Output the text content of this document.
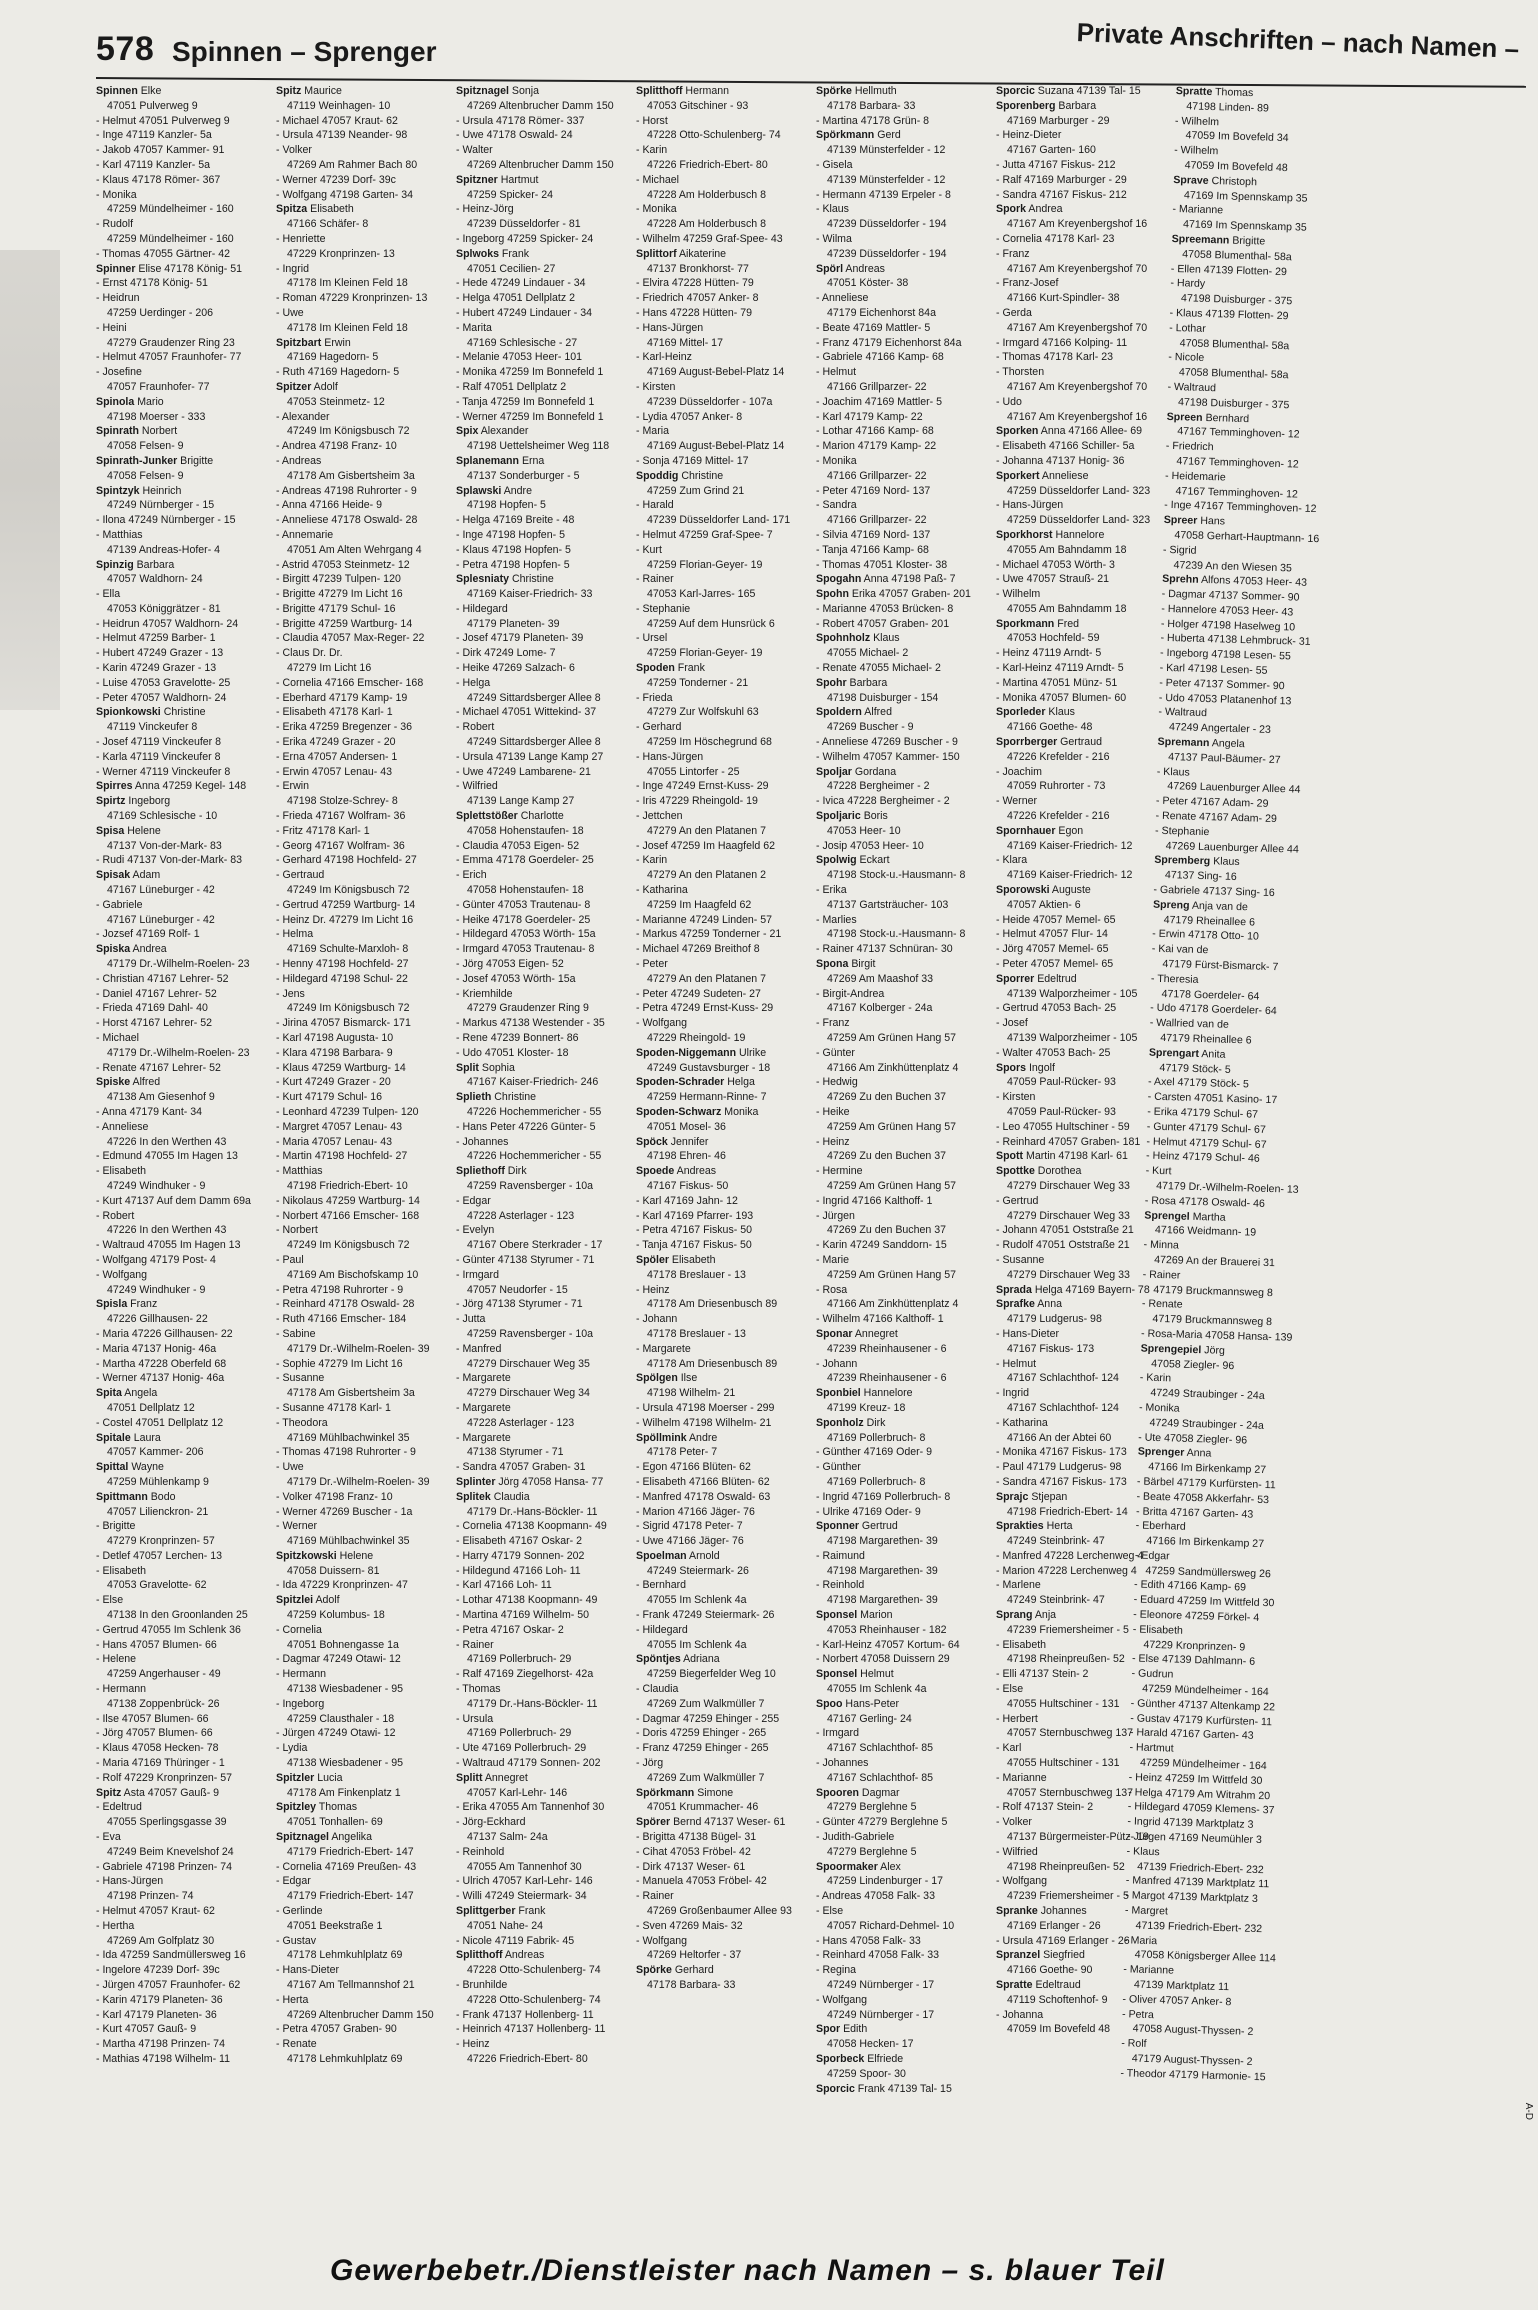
578 Spinnen – Sprenger	Private Anschriften – nach Namen –
Spinnen Elke
47051 Pulverweg 9
- Helmut 47051 Pulverweg 9
- Inge 47119 Kanzler- 5a
- Jakob 47057 Kammer- 91
- Karl 47119 Kanzler- 5a
- Klaus 47178 Römer- 367
- Monika
47259 Mündelheimer - 160
- Rudolf
47259 Mündelheimer - 160
- Thomas 47055 Gärtner- 42
Spinner Elise 47178 König- 51
- Ernst 47178 König- 51
- Heidrun
47259 Uerdinger - 206
- Heini
47279 Graudenzer Ring 23
- Helmut 47057 Fraunhofer- 77
- Josefine
47057 Fraunhofer- 77
Spinola Mario
47198 Moerser - 333
Spinrath Norbert
47058 Felsen- 9
Spinrath-Junker Brigitte
47058 Felsen- 9
Spintzyk Heinrich
47249 Nürnberger - 15
- Ilona 47249 Nürnberger - 15
- Matthias
47139 Andreas-Hofer- 4
Spinzig Barbara
47057 Waldhorn- 24
- Ella
47053 Königgrätzer - 81
- Heidrun 47057 Waldhorn- 24
- Helmut 47259 Barber- 1
- Hubert 47249 Grazer - 13
- Karin 47249 Grazer - 13
- Luise 47053 Gravelotte- 25
- Peter 47057 Waldhorn- 24
Spionkowski Christine
47119 Vinckeufer 8
- Josef 47119 Vinckeufer 8
- Karla 47119 Vinckeufer 8
- Werner 47119 Vinckeufer 8
Spirres Anna 47259 Kegel- 148
Spirtz Ingeborg
47169 Schlesische - 10
Spisa Helene
47137 Von-der-Mark- 83
- Rudi 47137 Von-der-Mark- 83
Spisak Adam
47167 Lüneburger - 42
- Gabriele
47167 Lüneburger - 42
- Jozsef 47169 Rolf- 1
Spiska Andrea
47179 Dr.-Wilhelm-Roelen- 23
- Christian 47167 Lehrer- 52
- Daniel 47167 Lehrer- 52
- Frieda 47169 Dahl- 40
- Horst 47167 Lehrer- 52
- Michael
47179 Dr.-Wilhelm-Roelen- 23
- Renate 47167 Lehrer- 52
Spiske Alfred
47138 Am Giesenhof 9
- Anna 47179 Kant- 34
- Anneliese
47226 In den Werthen 43
- Edmund 47055 Im Hagen 13
- Elisabeth
47249 Windhuker - 9
- Kurt 47137 Auf dem Damm 69a
- Robert
47226 In den Werthen 43
- Waltraud 47055 Im Hagen 13
- Wolfgang 47179 Post- 4
- Wolfgang
47249 Windhuker - 9
Spisla Franz
47226 Gillhausen- 22
- Maria 47226 Gillhausen- 22
- Maria 47137 Honig- 46a
- Martha 47228 Oberfeld 68
- Werner 47137 Honig- 46a
Spita Angela
47051 Dellplatz 12
- Costel 47051 Dellplatz 12
Spitale Laura
47057 Kammer- 206
Spittal Wayne
47259 Mühlenkamp 9
Spittmann Bodo
47057 Lilienckron- 21
- Brigitte
47279 Kronprinzen- 57
- Detlef 47057 Lerchen- 13
- Elisabeth
47053 Gravelotte- 62
- Else
47138 In den Groonlanden 25
- Gertrud 47055 Im Schlenk 36
- Hans 47057 Blumen- 66
- Helene
47259 Angerhauser - 49
- Hermann
47138 Zoppenbrück- 26
- Ilse 47057 Blumen- 66
- Jörg 47057 Blumen- 66
- Klaus 47058 Hecken- 78
- Maria 47169 Thüringer - 1
- Rolf 47229 Kronprinzen- 57
Spitz Asta 47057 Gauß- 9
- Edeltrud
47055 Sperlingsgasse 39
- Eva
47249 Beim Knevelshof 24
- Gabriele 47198 Prinzen- 74
- Hans-Jürgen
47198 Prinzen- 74
- Helmut 47057 Kraut- 62
- Hertha
47269 Am Golfplatz 30
- Ida 47259 Sandmüllersweg 16
- Ingelore 47239 Dorf- 39c
- Jürgen 47057 Fraunhofer- 62
- Karin 47179 Planeten- 36
- Karl 47179 Planeten- 36
- Kurt 47057 Gauß- 9
- Martha 47198 Prinzen- 74
- Mathias 47198 Wilhelm- 11
Spitz Maurice
47119 Weinhagen- 10
- Michael 47057 Kraut- 62
- Ursula 47139 Neander- 98
- Volker
47269 Am Rahmer Bach 80
- Werner 47239 Dorf- 39c
- Wolfgang 47198 Garten- 34
Spitza Elisabeth
47166 Schäfer- 8
- Henriette
47229 Kronprinzen- 13
- Ingrid
47178 Im Kleinen Feld 18
- Roman 47229 Kronprinzen- 13
- Uwe
47178 Im Kleinen Feld 18
Spitzbart Erwin
47169 Hagedorn- 5
- Ruth 47169 Hagedorn- 5
Spitzer Adolf
47053 Steinmetz- 12
- Alexander
47249 Im Königsbusch 72
- Andrea 47198 Franz- 10
- Andreas
47178 Am Gisbertsheim 3a
- Andreas 47198 Ruhrorter - 9
- Anna 47166 Heide- 9
- Anneliese 47178 Oswald- 28
- Annemarie
47051 Am Alten Wehrgang 4
- Astrid 47053 Steinmetz- 12
- Birgitt 47239 Tulpen- 120
- Brigitte 47279 Im Licht 16
- Brigitte 47179 Schul- 16
- Brigitte 47259 Wartburg- 14
- Claudia 47057 Max-Reger- 22
- Claus Dr. Dr.
47279 Im Licht 16
- Cornelia 47166 Emscher- 168
- Eberhard 47179 Kamp- 19
- Elisabeth 47178 Karl- 1
- Erika 47259 Bregenzer - 36
- Erika 47249 Grazer - 20
- Erna 47057 Andersen- 1
- Erwin 47057 Lenau- 43
- Erwin
47198 Stolze-Schrey- 8
- Frieda 47167 Wolfram- 36
- Fritz 47178 Karl- 1
- Georg 47167 Wolfram- 36
- Gerhard 47198 Hochfeld- 27
- Gertraud
47249 Im Königsbusch 72
- Gertrud 47259 Wartburg- 14
- Heinz Dr. 47279 Im Licht 16
- Helma
47169 Schulte-Marxloh- 8
- Henny 47198 Hochfeld- 27
- Hildegard 47198 Schul- 22
- Jens
47249 Im Königsbusch 72
- Jirina 47057 Bismarck- 171
- Karl 47198 Augusta- 10
- Klara 47198 Barbara- 9
- Klaus 47259 Wartburg- 14
- Kurt 47249 Grazer - 20
- Kurt 47179 Schul- 16
- Leonhard 47239 Tulpen- 120
- Margret 47057 Lenau- 43
- Maria 47057 Lenau- 43
- Martin 47198 Hochfeld- 27
- Matthias
47198 Friedrich-Ebert- 10
- Nikolaus 47259 Wartburg- 14
- Norbert 47166 Emscher- 168
- Norbert
47249 Im Königsbusch 72
- Paul
47169 Am Bischofskamp 10
- Petra 47198 Ruhrorter - 9
- Reinhard 47178 Oswald- 28
- Ruth 47166 Emscher- 184
- Sabine
47179 Dr.-Wilhelm-Roelen- 39
- Sophie 47279 Im Licht 16
- Susanne
47178 Am Gisbertsheim 3a
- Susanne 47178 Karl- 1
- Theodora
47169 Mühlbachwinkel 35
- Thomas 47198 Ruhrorter - 9
- Uwe
47179 Dr.-Wilhelm-Roelen- 39
- Volker 47198 Franz- 10
- Werner 47269 Buscher - 1a
- Werner
47169 Mühlbachwinkel 35
Spitzkowski Helene
47058 Duissern- 81
- Ida 47229 Kronprinzen- 47
Spitzlei Adolf
47259 Kolumbus- 18
- Cornelia
47051 Bohnengasse 1a
- Dagmar 47249 Otawi- 12
- Hermann
47138 Wiesbadener - 95
- Ingeborg
47259 Clausthaler - 18
- Jürgen 47249 Otawi- 12
- Lydia
47138 Wiesbadener - 95
Spitzler Lucia
47178 Am Finkenplatz 1
Spitzley Thomas
47051 Tonhallen- 69
Spitznagel Angelika
47179 Friedrich-Ebert- 147
- Cornelia 47169 Preußen- 43
- Edgar
47179 Friedrich-Ebert- 147
- Gerlinde
47051 Beekstraße 1
- Gustav
47178 Lehmkuhlplatz 69
- Hans-Dieter
47167 Am Tellmannshof 21
- Herta
47269 Altenbrucher Damm 150
- Petra 47057 Graben- 90
- Renate
47178 Lehmkuhlplatz 69
Spitznagel Sonja
47269 Altenbrucher Damm 150
- Ursula 47178 Römer- 337
- Uwe 47178 Oswald- 24
- Walter
47269 Altenbrucher Damm 150
Spitzner Hartmut
47259 Spicker- 24
- Heinz-Jörg
47239 Düsseldorfer - 81
- Ingeborg 47259 Spicker- 24
Splwoks Frank
47051 Cecilien- 27
- Hede 47249 Lindauer - 34
- Helga 47051 Dellplatz 2
- Hubert 47249 Lindauer - 34
- Marita
47169 Schlesische - 27
- Melanie 47053 Heer- 101
- Monika 47259 Im Bonnefeld 1
- Ralf 47051 Dellplatz 2
- Tanja 47259 Im Bonnefeld 1
- Werner 47259 Im Bonnefeld 1
Spix Alexander
47198 Uettelsheimer Weg 118
Splanemann Erna
47137 Sonderburger - 5
Splawski Andre
47198 Hopfen- 5
- Helga 47169 Breite - 48
- Inge 47198 Hopfen- 5
- Klaus 47198 Hopfen- 5
- Petra 47198 Hopfen- 5
Splesniaty Christine
47169 Kaiser-Friedrich- 33
- Hildegard
47179 Planeten- 39
- Josef 47179 Planeten- 39
- Dirk 47249 Lome- 7
- Heike 47269 Salzach- 6
- Helga
47249 Sittardsberger Allee 8
- Michael 47051 Wittekind- 37
- Robert
47249 Sittardsberger Allee 8
- Ursula 47139 Lange Kamp 27
- Uwe 47249 Lambarene- 21
- Wilfried
47139 Lange Kamp 27
Splettstößer Charlotte
47058 Hohenstaufen- 18
- Claudia 47053 Eigen- 52
- Emma 47178 Goerdeler- 25
- Erich
47058 Hohenstaufen- 18
- Günter 47053 Trautenau- 8
- Heike 47178 Goerdeler- 25
- Hildegard 47053 Wörth- 15a
- Irmgard 47053 Trautenau- 8
- Jörg 47053 Eigen- 52
- Josef 47053 Wörth- 15a
- Kriemhilde
47279 Graudenzer Ring 9
- Markus 47138 Westender - 35
- Rene 47239 Bonnert- 86
- Udo 47051 Kloster- 18
Split Sophia
47167 Kaiser-Friedrich- 246
Splieth Christine
47226 Hochemmericher - 55
- Hans Peter 47226 Günter- 5
- Johannes
47226 Hochemmericher - 55
Spliethoff Dirk
47259 Ravensberger - 10a
- Edgar
47228 Asterlager - 123
- Evelyn
47167 Obere Sterkrader - 17
- Günter 47138 Styrumer - 71
- Irmgard
47057 Neudorfer - 15
- Jörg 47138 Styrumer - 71
- Jutta
47259 Ravensberger - 10a
- Manfred
47279 Dirschauer Weg 35
- Margarete
47279 Dirschauer Weg 34
- Margarete
47228 Asterlager - 123
- Margarete
47138 Styrumer - 71
- Sandra 47057 Graben- 31
Splinter Jörg 47058 Hansa- 77
Splitek Claudia
47179 Dr.-Hans-Böckler- 11
- Cornelia 47138 Koopmann- 49
- Elisabeth 47167 Oskar- 2
- Harry 47179 Sonnen- 202
- Hildegund 47166 Loh- 11
- Karl 47166 Loh- 11
- Lothar 47138 Koopmann- 49
- Martina 47169 Wilhelm- 50
- Petra 47167 Oskar- 2
- Rainer
47169 Pollerbruch- 29
- Ralf 47169 Ziegelhorst- 42a
- Thomas
47179 Dr.-Hans-Böckler- 11
- Ursula
47169 Pollerbruch- 29
- Ute 47169 Pollerbruch- 29
- Waltraud 47179 Sonnen- 202
Splitt Annegret
47057 Karl-Lehr- 146
- Erika 47055 Am Tannenhof 30
- Jörg-Eckhard
47137 Salm- 24a
- Reinhold
47055 Am Tannenhof 30
- Ulrich 47057 Karl-Lehr- 146
- Willi 47249 Steiermark- 34
Splittgerber Frank
47051 Nahe- 24
- Nicole 47119 Fabrik- 45
Splitthoff Andreas
47228 Otto-Schulenberg- 74
- Brunhilde
47228 Otto-Schulenberg- 74
- Frank 47137 Hollenberg- 11
- Heinrich 47137 Hollenberg- 11
- Heinz
47226 Friedrich-Ebert- 80
Splitthoff Hermann
47053 Gitschiner - 93
- Horst
47228 Otto-Schulenberg- 74
- Karin
47226 Friedrich-Ebert- 80
- Michael
47228 Am Holderbusch 8
- Monika
47228 Am Holderbusch 8
- Wilhelm 47259 Graf-Spee- 43
Splittorf Aikaterine
47137 Bronkhorst- 77
- Elvira 47228 Hütten- 79
- Friedrich 47057 Anker- 8
- Hans 47228 Hütten- 79
- Hans-Jürgen
47169 Mittel- 17
- Karl-Heinz
47169 August-Bebel-Platz 14
- Kirsten
47239 Düsseldorfer - 107a
- Lydia 47057 Anker- 8
- Maria
47169 August-Bebel-Platz 14
- Sonja 47169 Mittel- 17
Spoddig Christine
47259 Zum Grind 21
- Harald
47239 Düsseldorfer Land- 171
- Helmut 47259 Graf-Spee- 7
- Kurt
47259 Florian-Geyer- 19
- Rainer
47053 Karl-Jarres- 165
- Stephanie
47259 Auf dem Hunsrück 6
- Ursel
47259 Florian-Geyer- 19
Spoden Frank
47259 Tonderner - 21
- Frieda
47279 Zur Wolfskuhl 63
- Gerhard
47259 Im Höschegrund 68
- Hans-Jürgen
47055 Lintorfer - 25
- Inge 47249 Ernst-Kuss- 29
- Iris 47229 Rheingold- 19
- Jettchen
47279 An den Platanen 7
- Josef 47259 Im Haagfeld 62
- Karin
47279 An den Platanen 2
- Katharina
47259 Im Haagfeld 62
- Marianne 47249 Linden- 57
- Markus 47259 Tonderner - 21
- Michael 47269 Breithof 8
- Peter
47279 An den Platanen 7
- Peter 47249 Sudeten- 27
- Petra 47249 Ernst-Kuss- 29
- Wolfgang
47229 Rheingold- 19
Spoden-Niggemann Ulrike
47249 Gustavsburger - 18
Spoden-Schrader Helga
47259 Hermann-Rinne- 7
Spoden-Schwarz Monika
47051 Mosel- 36
Spöck Jennifer
47198 Ehren- 46
Spoede Andreas
47167 Fiskus- 50
- Karl 47169 Jahn- 12
- Karl 47169 Pfarrer- 193
- Petra 47167 Fiskus- 50
- Tanja 47167 Fiskus- 50
Spöler Elisabeth
47178 Breslauer - 13
- Heinz
47178 Am Driesenbusch 89
- Johann
47178 Breslauer - 13
- Margarete
47178 Am Driesenbusch 89
Spölgen Ilse
47198 Wilhelm- 21
- Ursula 47198 Moerser - 299
- Wilhelm 47198 Wilhelm- 21
Spöllmink Andre
47178 Peter- 7
- Egon 47166 Blüten- 62
- Elisabeth 47166 Blüten- 62
- Manfred 47178 Oswald- 63
- Marion 47166 Jäger- 76
- Sigrid 47178 Peter- 7
- Uwe 47166 Jäger- 76
Spoelman Arnold
47249 Steiermark- 26
- Bernhard
47055 Im Schlenk 4a
- Frank 47249 Steiermark- 26
- Hildegard
47055 Im Schlenk 4a
Spöntjes Adriana
47259 Biegerfelder Weg 10
- Claudia
47269 Zum Walkmüller 7
- Dagmar 47259 Ehinger - 255
- Doris 47259 Ehinger - 265
- Franz 47259 Ehinger - 265
- Jörg
47269 Zum Walkmüller 7
Spörkmann Simone
47051 Krummacher- 46
Spörer Bernd 47137 Weser- 61
- Brigitta 47138 Bügel- 31
- Cihat 47053 Fröbel- 42
- Dirk 47137 Weser- 61
- Manuela 47053 Fröbel- 42
- Rainer
47269 Großenbaumer Allee 93
- Sven 47269 Mais- 32
- Wolfgang
47269 Heltorfer - 37
Spörke Gerhard
47178 Barbara- 33
Spörke Hellmuth
47178 Barbara- 33
- Martina 47178 Grün- 8
Spörkmann Gerd
47139 Münsterfelder - 12
- Gisela
47139 Münsterfelder - 12
- Hermann 47139 Erpeler - 8
- Klaus
47239 Düsseldorfer - 194
- Wilma
47239 Düsseldorfer - 194
Spörl Andreas
47051 Köster- 38
- Anneliese
47179 Eichenhorst 84a
- Beate 47169 Mattler- 5
- Franz 47179 Eichenhorst 84a
- Gabriele 47166 Kamp- 68
- Helmut
47166 Grillparzer- 22
- Joachim 47169 Mattler- 5
- Karl 47179 Kamp- 22
- Lothar 47166 Kamp- 68
- Marion 47179 Kamp- 22
- Monika
47166 Grillparzer- 22
- Peter 47169 Nord- 137
- Sandra
47166 Grillparzer- 22
- Silvia 47169 Nord- 137
- Tanja 47166 Kamp- 68
- Thomas 47051 Kloster- 38
Spogahn Anna 47198 Paß- 7
Spohn Erika 47057 Graben- 201
- Marianne 47053 Brücken- 8
- Robert 47057 Graben- 201
Spohnholz Klaus
47055 Michael- 2
- Renate 47055 Michael- 2
Spohr Barbara
47198 Duisburger - 154
Spoldern Alfred
47269 Buscher - 9
- Anneliese 47269 Buscher - 9
- Wilhelm 47057 Kammer- 150
Spoljar Gordana
47228 Bergheimer - 2
- Ivica 47228 Bergheimer - 2
Spoljaric Boris
47053 Heer- 10
- Josip 47053 Heer- 10
Spolwig Eckart
47198 Stock-u.-Hausmann- 8
- Erika
47137 Gartsträucher- 103
- Marlies
47198 Stock-u.-Hausmann- 8
- Rainer 47137 Schnüran- 30
Spona Birgit
47269 Am Maashof 33
- Birgit-Andrea
47167 Kolberger - 24a
- Franz
47259 Am Grünen Hang 57
- Günter
47166 Am Zinkhüttenplatz 4
- Hedwig
47269 Zu den Buchen 37
- Heike
47259 Am Grünen Hang 57
- Heinz
47269 Zu den Buchen 37
- Hermine
47259 Am Grünen Hang 57
- Ingrid 47166 Kalthoff- 1
- Jürgen
47269 Zu den Buchen 37
- Karin 47249 Sanddorn- 15
- Marie
47259 Am Grünen Hang 57
- Rosa
47166 Am Zinkhüttenplatz 4
- Wilhelm 47166 Kalthoff- 1
Sponar Annegret
47239 Rheinhausener - 6
- Johann
47239 Rheinhausener - 6
Sponbiel Hannelore
47199 Kreuz- 18
Sponholz Dirk
47169 Pollerbruch- 8
- Günther 47169 Oder- 9
- Günther
47169 Pollerbruch- 8
- Ingrid 47169 Pollerbruch- 8
- Ulrike 47169 Oder- 9
Sponner Gertrud
47198 Margarethen- 39
- Raimund
47198 Margarethen- 39
- Reinhold
47198 Margarethen- 39
Sponsel Marion
47053 Rheinhauser - 182
- Karl-Heinz 47057 Kortum- 64
- Norbert 47058 Duissern 29
Sponsel Helmut
47055 Im Schlenk 4a
Spoo Hans-Peter
47167 Gerling- 24
- Irmgard
47167 Schlachthof- 85
- Johannes
47167 Schlachthof- 85
Spooren Dagmar
47279 Berglehne 5
- Günter 47279 Berglehne 5
- Judith-Gabriele
47279 Berglehne 5
Spoormaker Alex
47259 Lindenburger - 17
- Andreas 47058 Falk- 33
- Else
47057 Richard-Dehmel- 10
- Hans 47058 Falk- 33
- Reinhard 47058 Falk- 33
- Regina
47249 Nürnberger - 17
- Wolfgang
47249 Nürnberger - 17
Spor Edith
47058 Hecken- 17
Sporbeck Elfriede
47259 Spoor- 30
Sporcic Frank 47139 Tal- 15
Sporcic Suzana 47139 Tal- 15
Sporenberg Barbara
47169 Marburger - 29
- Heinz-Dieter
47167 Garten- 160
- Jutta 47167 Fiskus- 212
- Ralf 47169 Marburger - 29
- Sandra 47167 Fiskus- 212
Spork Andrea
47167 Am Kreyenbergshof 16
- Cornelia 47178 Karl- 23
- Franz
47167 Am Kreyenbergshof 70
- Franz-Josef
47166 Kurt-Spindler- 38
- Gerda
47167 Am Kreyenbergshof 70
- Irmgard 47166 Kolping- 11
- Thomas 47178 Karl- 23
- Thorsten
47167 Am Kreyenbergshof 70
- Udo
47167 Am Kreyenbergshof 16
Sporken Anna 47166 Allee- 69
- Elisabeth 47166 Schiller- 5a
- Johanna 47137 Honig- 36
Sporkert Anneliese
47259 Düsseldorfer Land- 323
- Hans-Jürgen
47259 Düsseldorfer Land- 323
Sporkhorst Hannelore
47055 Am Bahndamm 18
- Michael 47053 Wörth- 3
- Uwe 47057 Strauß- 21
- Wilhelm
47055 Am Bahndamm 18
Sporkmann Fred
47053 Hochfeld- 59
- Heinz 47119 Arndt- 5
- Karl-Heinz 47119 Arndt- 5
- Martina 47051 Münz- 51
- Monika 47057 Blumen- 60
Sporleder Klaus
47166 Goethe- 48
Sporrberger Gertraud
47226 Krefelder - 216
- Joachim
47059 Ruhrorter - 73
- Werner
47226 Krefelder - 216
Spornhauer Egon
47169 Kaiser-Friedrich- 12
- Klara
47169 Kaiser-Friedrich- 12
Sporowski Auguste
47057 Aktien- 6
- Heide 47057 Memel- 65
- Helmut 47057 Flur- 14
- Jörg 47057 Memel- 65
- Peter 47057 Memel- 65
Sporrer Edeltrud
47139 Walporzheimer - 105
- Gertrud 47053 Bach- 25
- Josef
47139 Walporzheimer - 105
- Walter 47053 Bach- 25
Spors Ingolf
47059 Paul-Rücker- 93
- Kirsten
47059 Paul-Rücker- 93
- Leo 47055 Hultschiner - 59
- Reinhard 47057 Graben- 181
Spott Martin 47198 Karl- 61
Spottke Dorothea
47279 Dirschauer Weg 33
- Gertrud
47279 Dirschauer Weg 33
- Johann 47051 Oststraße 21
- Rudolf 47051 Oststraße 21
- Susanne
47279 Dirschauer Weg 33
Sprada Helga 47169 Bayern- 78
Sprafke Anna
47179 Ludgerus- 98
- Hans-Dieter
47167 Fiskus- 173
- Helmut
47167 Schlachthof- 124
- Ingrid
47167 Schlachthof- 124
- Katharina
47166 An der Abtei 60
- Monika 47167 Fiskus- 173
- Paul 47179 Ludgerus- 98
- Sandra 47167 Fiskus- 173
Sprajc Stjepan
47198 Friedrich-Ebert- 14
Sprakties Herta
47249 Steinbrink- 47
- Manfred 47228 Lerchenweg 4
- Marion 47228 Lerchenweg 4
- Marlene
47249 Steinbrink- 47
Sprang Anja
47239 Friemersheimer - 5
- Elisabeth
47198 Rheinpreußen- 52
- Elli 47137 Stein- 2
- Else
47055 Hultschiner - 131
- Herbert
47057 Sternbuschweg 137
- Karl
47055 Hultschiner - 131
- Marianne
47057 Sternbuschweg 137
- Rolf 47137 Stein- 2
- Volker
47137 Bürgermeister-Pütz- 19
- Wilfried
47198 Rheinpreußen- 52
- Wolfgang
47239 Friemersheimer - 5
Spranke Johannes
47169 Erlanger - 26
- Ursula 47169 Erlanger - 26
Spranzel Siegfried
47166 Goethe- 90
Spratte Edeltraud
47119 Schoftenhof- 9
- Johanna
47059 Im Bovefeld 48
Spratte Thomas
47198 Linden- 89
- Wilhelm
47059 Im Bovefeld 34
- Wilhelm
47059 Im Bovefeld 48
Sprave Christoph
47169 Im Spennskamp 35
- Marianne
47169 Im Spennskamp 35
Spreemann Brigitte
47058 Blumenthal- 58a
- Ellen 47139 Flotten- 29
- Hardy
47198 Duisburger - 375
- Klaus 47139 Flotten- 29
- Lothar
47058 Blumenthal- 58a
- Nicole
47058 Blumenthal- 58a
- Waltraud
47198 Duisburger - 375
Spreen Bernhard
47167 Temminghoven- 12
- Friedrich
47167 Temminghoven- 12
- Heidemarie
47167 Temminghoven- 12
- Inge 47167 Temminghoven- 12
Spreer Hans
47058 Gerhart-Hauptmann- 16
- Sigrid
47239 An den Wiesen 35
Sprehn Alfons 47053 Heer- 43
- Dagmar 47137 Sommer- 90
- Hannelore 47053 Heer- 43
- Holger 47198 Haselweg 10
- Huberta 47138 Lehmbruck- 31
- Ingeborg 47198 Lesen- 55
- Karl 47198 Lesen- 55
- Peter 47137 Sommer- 90
- Udo 47053 Platanenhof 13
- Waltraud
47249 Angertaler - 23
Spremann Angela
47137 Paul-Bäumer- 27
- Klaus
47269 Lauenburger Allee 44
- Peter 47167 Adam- 29
- Renate 47167 Adam- 29
- Stephanie
47269 Lauenburger Allee 44
Spremberg Klaus
47137 Sing- 16
- Gabriele 47137 Sing- 16
Spreng Anja van de
47179 Rheinallee 6
- Erwin 47178 Otto- 10
- Kai van de
47179 Fürst-Bismarck- 7
- Theresia
47178 Goerdeler- 64
- Udo 47178 Goerdeler- 64
- Wallried van de
47179 Rheinallee 6
Sprengart Anita
47179 Stöck- 5
- Axel 47179 Stöck- 5
- Carsten 47051 Kasino- 17
- Erika 47179 Schul- 67
- Gunter 47179 Schul- 67
- Helmut 47179 Schul- 67
- Heinz 47179 Schul- 46
- Kurt
47179 Dr.-Wilhelm-Roelen- 13
- Rosa 47178 Oswald- 46
Sprengel Martha
47166 Weidmann- 19
- Minna
47269 An der Brauerei 31
- Rainer
47179 Bruckmannsweg 8
- Renate
47179 Bruckmannsweg 8
- Rosa-Maria 47058 Hansa- 139
Sprengepiel Jörg
47058 Ziegler- 96
- Karin
47249 Straubinger - 24a
- Monika
47249 Straubinger - 24a
- Ute 47058 Ziegler- 96
Sprenger Anna
47166 Im Birkenkamp 27
- Bärbel 47179 Kurfürsten- 11
- Beate 47058 Akkerfahr- 53
- Britta 47167 Garten- 43
- Eberhard
47166 Im Birkenkamp 27
- Edgar
47259 Sandmüllersweg 26
- Edith 47166 Kamp- 69
- Eduard 47259 Im Wittfeld 30
- Eleonore 47259 Förkel- 4
- Elisabeth
47229 Kronprinzen- 9
- Else 47139 Dahlmann- 6
- Gudrun
47259 Mündelheimer - 164
- Günther 47137 Altenkamp 22
- Gustav 47179 Kurfürsten- 11
- Harald 47167 Garten- 43
- Hartmut
47259 Mündelheimer - 164
- Heinz 47259 Im Wittfeld 30
- Helga 47179 Am Witrahm 20
- Hildegard 47059 Klemens- 37
- Ingrid 47139 Marktplatz 3
- Jürgen 47169 Neumühler 3
- Klaus
47139 Friedrich-Ebert- 232
- Manfred 47139 Marktplatz 11
- Margot 47139 Marktplatz 3
- Margret
47139 Friedrich-Ebert- 232
- Maria
47058 Königsberger Allee 114
- Marianne
47139 Marktplatz 11
- Oliver 47057 Anker- 8
- Petra
47058 August-Thyssen- 2
- Rolf
47179 August-Thyssen- 2
- Theodor 47179 Harmonie- 15
Gewerbebetr./Dienstleister nach Namen – s. blauer Teil
A-D
